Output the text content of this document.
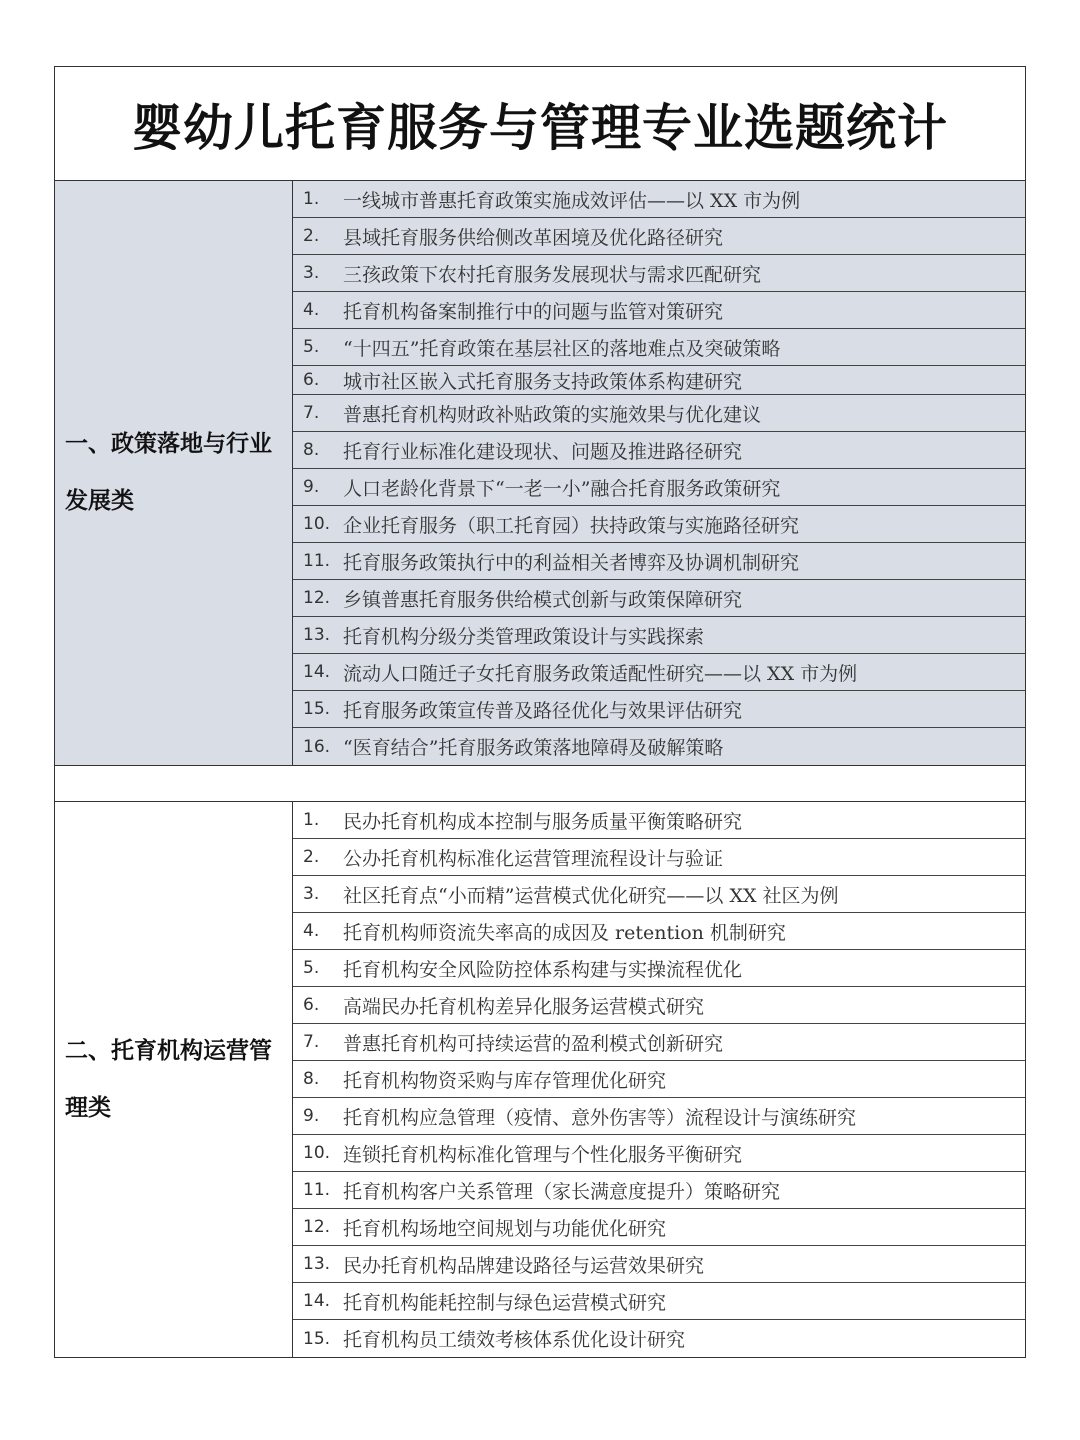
婴幼儿托育服务与管理专业选题统计
一、政策落地与行业发展类
1.	一线城市普惠托育政策实施成效评估——以 XX 市为例
2.	县域托育服务供给侧改革困境及优化路径研究
3.	三孩政策下农村托育服务发展现状与需求匹配研究
4.	托育机构备案制推行中的问题与监管对策研究
5.	“十四五”托育政策在基层社区的落地难点及突破策略
6.	城市社区嵌入式托育服务支持政策体系构建研究
7.	普惠托育机构财政补贴政策的实施效果与优化建议
8.	托育行业标准化建设现状、问题及推进路径研究
9.	人口老龄化背景下“一老一小”融合托育服务政策研究
10. 企业托育服务（职工托育园）扶持政策与实施路径研究
11. 托育服务政策执行中的利益相关者博弈及协调机制研究
12. 乡镇普惠托育服务供给模式创新与政策保障研究
13. 托育机构分级分类管理政策设计与实践探索
14. 流动人口随迁子女托育服务政策适配性研究——以 XX 市为例
15. 托育服务政策宣传普及路径优化与效果评估研究
16. “医育结合”托育服务政策落地障碍及破解策略
二、托育机构运营管理类
1.	民办托育机构成本控制与服务质量平衡策略研究
2.	公办托育机构标准化运营管理流程设计与验证
3.	社区托育点“小而精”运营模式优化研究——以 XX 社区为例
4.	托育机构师资流失率高的成因及 retention 机制研究
5.	托育机构安全风险防控体系构建与实操流程优化
6.	高端民办托育机构差异化服务运营模式研究
7.	普惠托育机构可持续运营的盈利模式创新研究
8.	托育机构物资采购与库存管理优化研究
9.	托育机构应急管理（疫情、意外伤害等）流程设计与演练研究
10. 连锁托育机构标准化管理与个性化服务平衡研究
11. 托育机构客户关系管理（家长满意度提升）策略研究
12. 托育机构场地空间规划与功能优化研究
13. 民办托育机构品牌建设路径与运营效果研究
14. 托育机构能耗控制与绿色运营模式研究
15. 托育机构员工绩效考核体系优化设计研究
